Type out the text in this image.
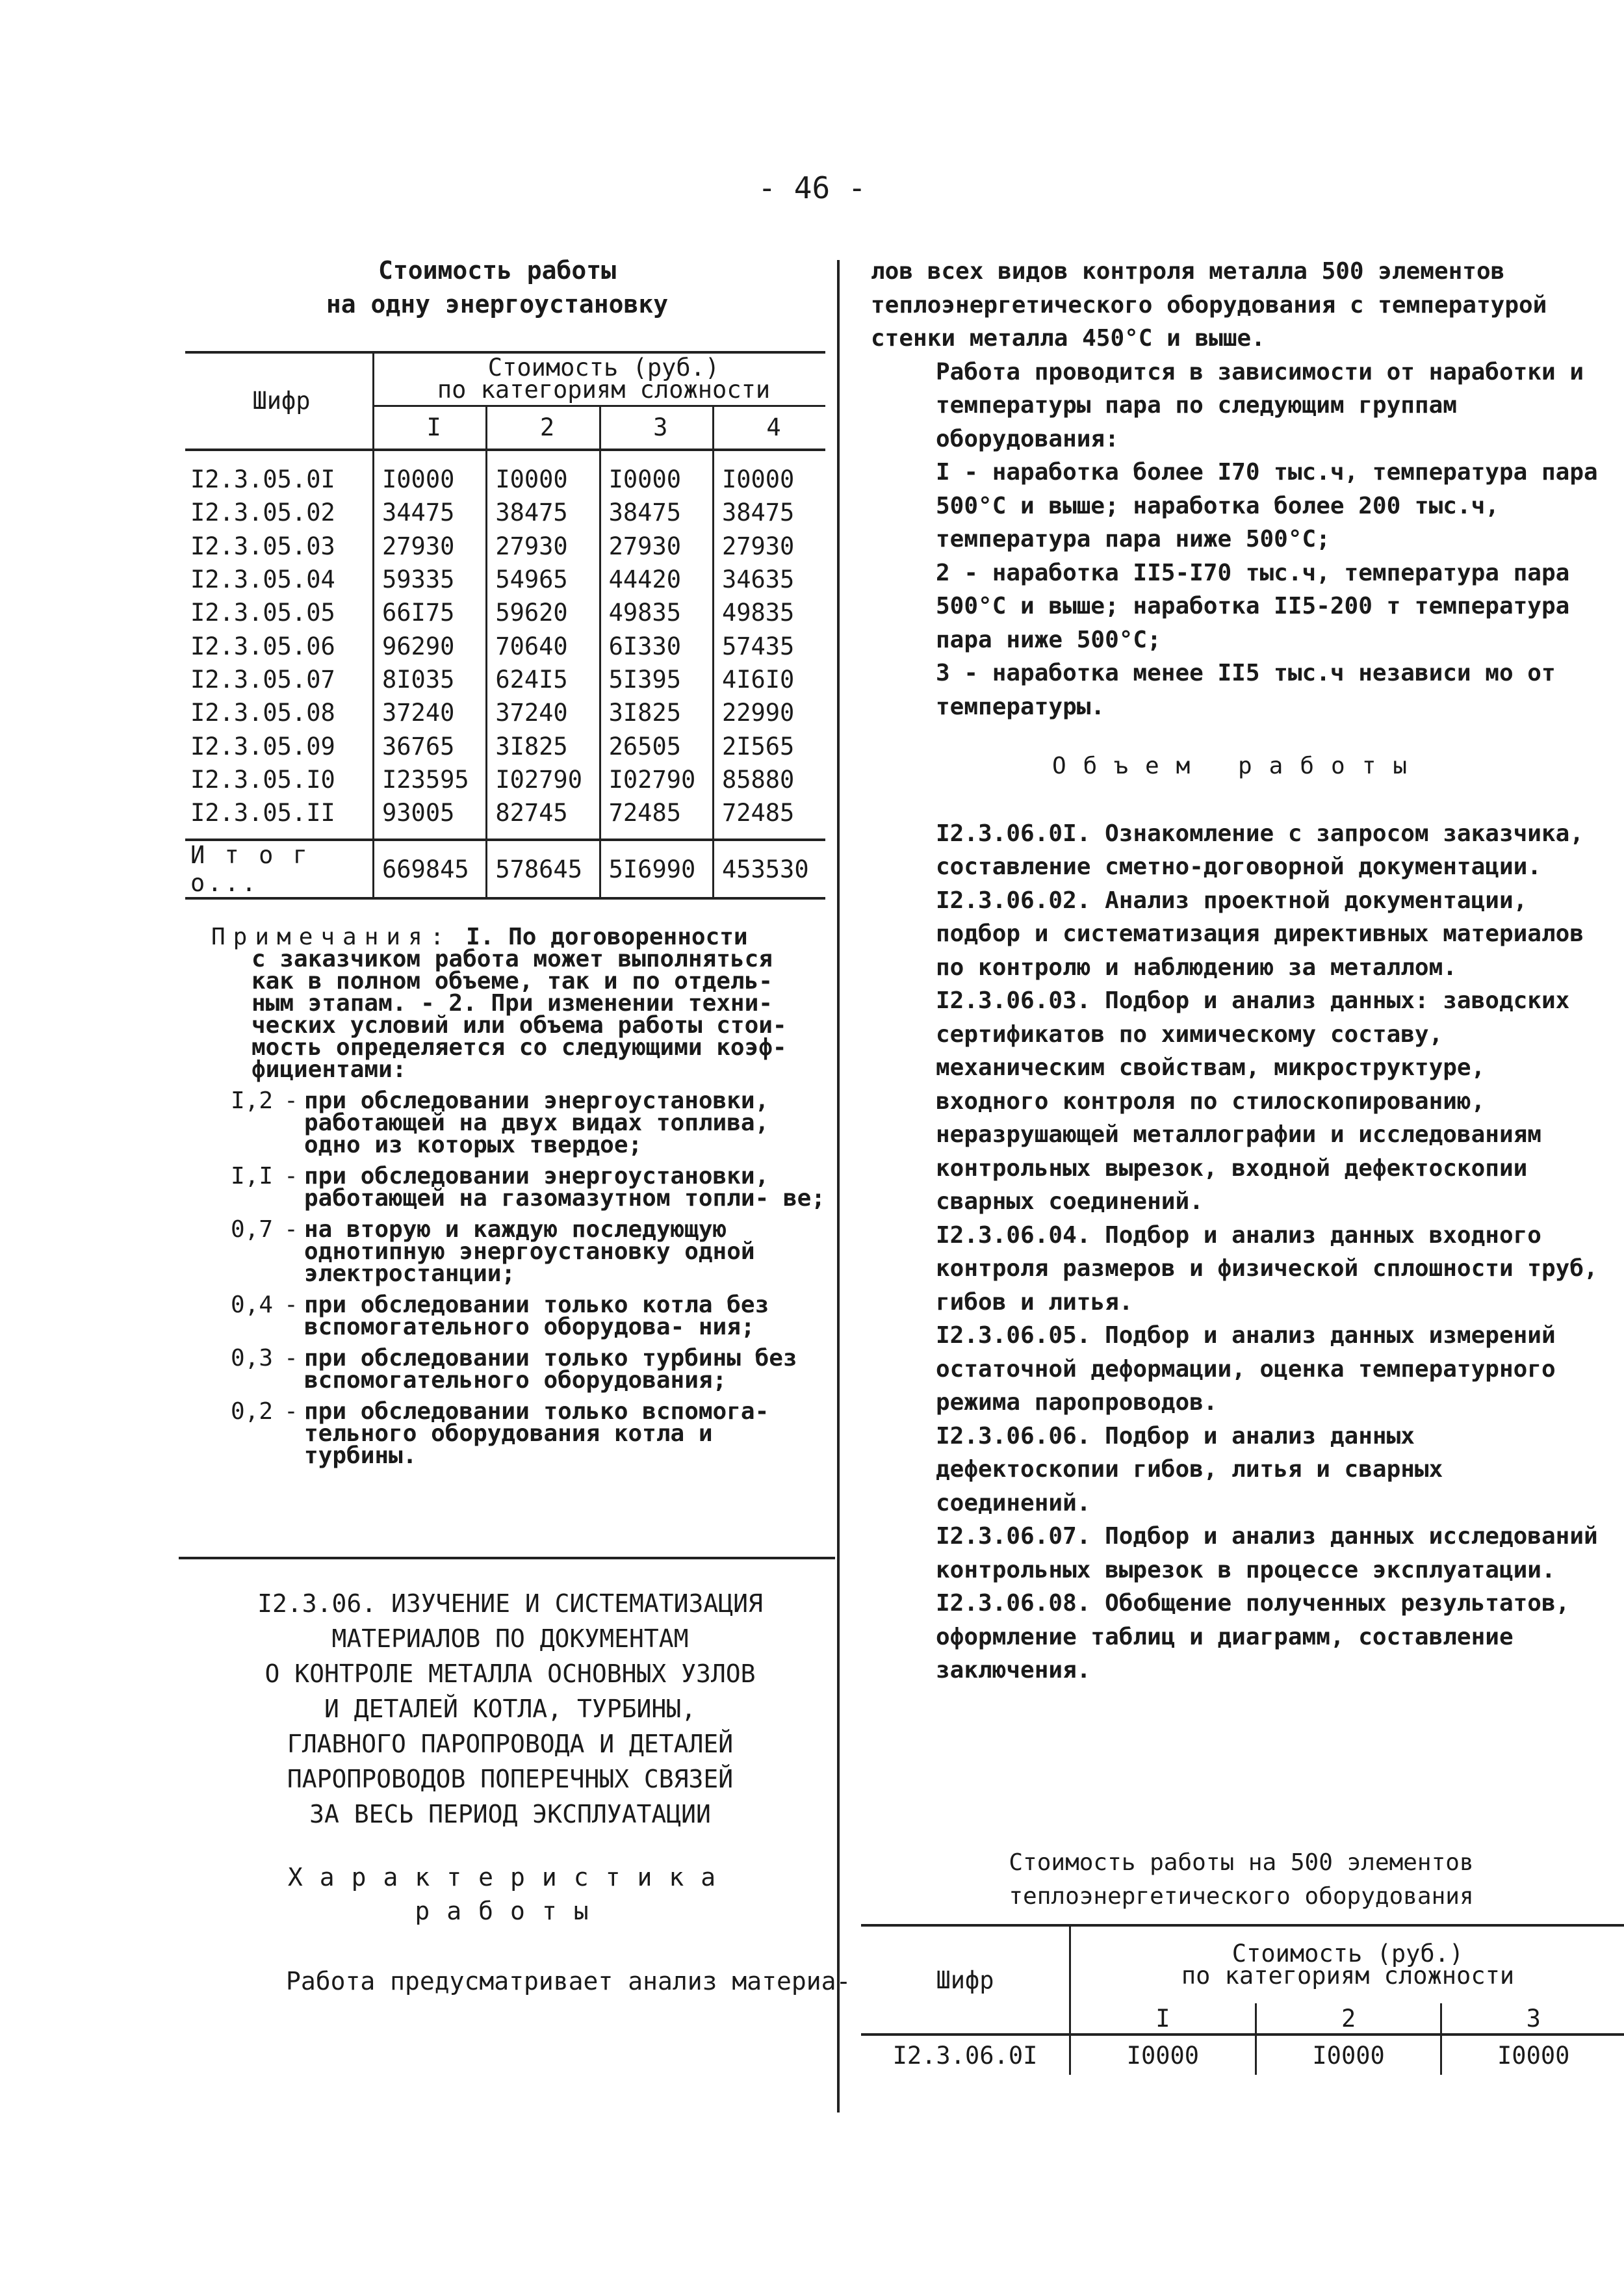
- 46 -
Стоимость работы
на одну энергоустановку
Шифр	Стоимость (руб.)
по категориям сложности			

	I	2	3	4
I2.3.05.0I	I0000	I0000	I0000	I0000
I2.3.05.02	34475	38475	38475	38475
I2.3.05.03	27930	27930	27930	27930
I2.3.05.04	59335	54965	44420	34635
I2.3.05.05	66I75	59620	49835	49835
I2.3.05.06	96290	70640	6I330	57435
I2.3.05.07	8I035	624I5	5I395	4I6I0
I2.3.05.08	37240	37240	3I825	22990
I2.3.05.09	36765	3I825	26505	2I565
I2.3.05.I0	I23595	I02790	I02790	85880
I2.3.05.II	93005	82745	72485	72485

И т о г о...	669845	578645	5I6990	453530
Примечания: I. По договоренности
с заказчиком работа может выполняться
как в полном объеме, так и по отдель-
ным этапам. - 2. При изменении техни-
ческих условий или объема работы стои-
мость определяется со следующими коэф-
фициентами:
I,2 - при обследовании энергоустановки, работающей на двух видах топлива, одно из которых твердое;
I,I - при обследовании энергоустановки, работающей на газомазутном топли- ве;
0,7 - на вторую и каждую последующую однотипную энергоустановку одной электростанции;
0,4 - при обследовании только котла без вспомогательного оборудова- ния;
0,3 - при обследовании только турбины без вспомогательного оборудования;
0,2 - при обследовании только вспомога- тельного оборудования котла и турбины.
I2.3.06. ИЗУЧЕНИЕ И СИСТЕМАТИЗАЦИЯ
МАТЕРИАЛОВ ПО ДОКУМЕНТАМ
О КОНТРОЛЕ МЕТАЛЛА ОСНОВНЫХ УЗЛОВ
И ДЕТАЛЕЙ КОТЛА, ТУРБИНЫ,
ГЛАВНОГО ПАРОПРОВОДА И ДЕТАЛЕЙ
ПАРОПРОВОДОВ ПОПЕРЕЧНЫХ СВЯЗЕЙ
ЗА ВЕСЬ ПЕРИОД ЭКСПЛУАТАЦИИ
Характеристика
работы
Работа предусматривает анализ материа-

лов всех видов контроля металла 500 элементов теплоэнергетического оборудования с температурой стенки металла 450°С и выше.

Работа проводится в зависимости от наработки и температуры пара по следующим группам оборудования:

I - наработка более I70 тыс.ч, температура пара 500°С и выше; наработка более 200 тыс.ч, температура пара ниже 500°С;

2 - наработка II5-I70 тыс.ч, температура пара 500°С и выше; наработка II5-200 т температура пара ниже 500°С;

3 - наработка менее II5 тыс.ч независи мо от температуры.

Объем работы

I2.3.06.0I. Ознакомление с запросом заказчика, составление сметно-договорной документации.

I2.3.06.02. Анализ проектной документации, подбор и систематизация директивных материалов по контролю и наблюдению за металлом.

I2.3.06.03. Подбор и анализ данных: заводских сертификатов по химическому составу, механическим свойствам, микроструктуре, входного контроля по стилоскопированию, неразрушающей металлографии и исследованиям контрольных вырезок, входной дефектоскопии сварных соединений.

I2.3.06.04. Подбор и анализ данных входного контроля размеров и физической сплошности труб, гибов и литья.

I2.3.06.05. Подбор и анализ данных измерений остаточной деформации, оценка температурного режима паропроводов.

I2.3.06.06. Подбор и анализ данных дефектоскопии гибов, литья и сварных соединений.

I2.3.06.07. Подбор и анализ данных исследований контрольных вырезок в процессе эксплуатации.

I2.3.06.08. Обобщение полученных результатов, оформление таблиц и диаграмм, составление заключения.

Стоимость работы на 500 элементов
теплоэнергетического оборудования
Шифр	Стоимость (руб.)
по категориям сложности		

	I	2	3
I2.3.06.0I	I0000	I0000	I0000
